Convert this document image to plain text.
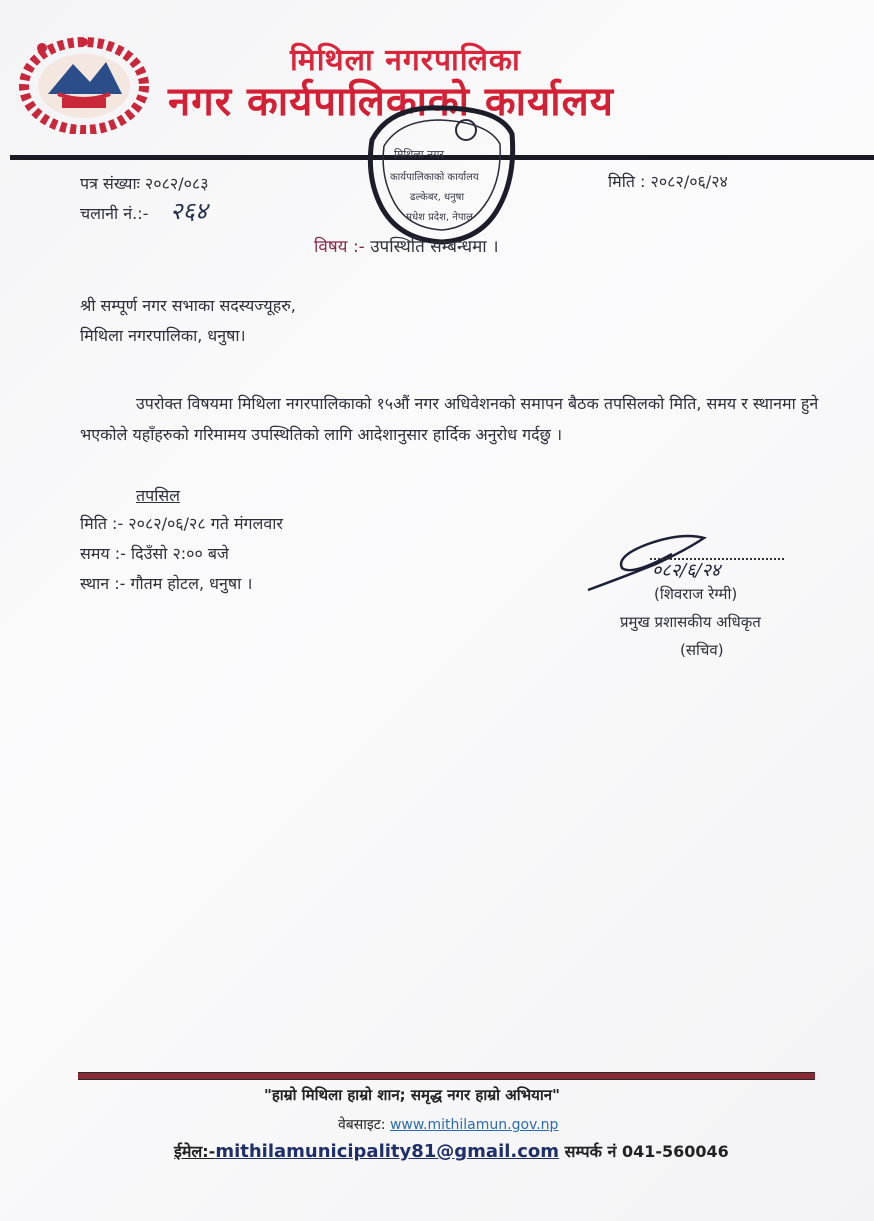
मिथिला नगरपालिका
नगर कार्यपालिकाको कार्यालय
मिथिला नगर
कार्यपालिकाको कार्यालय
ढल्केबर, धनुषा
मधेश प्रदेश, नेपाल
पत्र संख्याः २०८२/०८३
चलानी नं.:- २६४
मिति : २०८२/०६/२४
विषय :- उपस्थिति सम्बन्धमा ।
श्री सम्पूर्ण नगर सभाका सदस्यज्यूहरु,
मिथिला नगरपालिका, धनुषा।
उपरोक्त विषयमा मिथिला नगरपालिकाको १५औं नगर अधिवेशनको समापन बैठक तपसिलको मिति, समय र स्थानमा हुने भएकोले यहाँहरुको गरिमामय उपस्थितिको लागि आदेशानुसार हार्दिक अनुरोध गर्दछु ।
तपसिल
मिति :- २०८२/०६/२८ गते मंगलवार
समय :- दिउँसो २:०० बजे
स्थान :- गौतम होटल, धनुषा ।
०८२/६/२४
(शिवराज रेग्मी)
प्रमुख प्रशासकीय अधिकृत
(सचिव)
"हाम्रो मिथिला हाम्रो शान; समृद्ध नगर हाम्रो अभियान"
वेबसाइट: www.mithilamun.gov.np
ईमेल:-mithilamunicipality81@gmail.com सम्पर्क नं 041-560046
